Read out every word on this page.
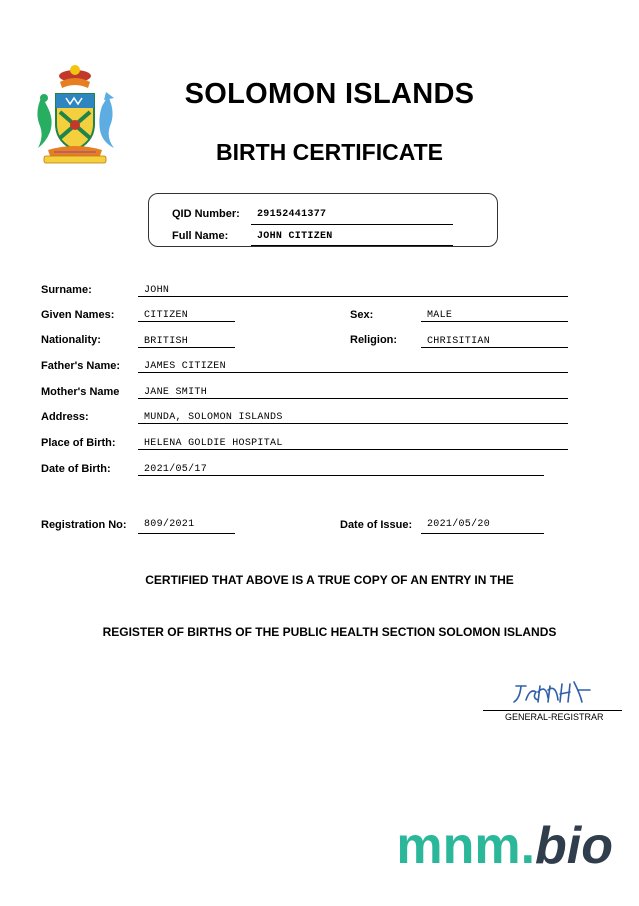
SOLOMON ISLANDS
BIRTH CERTIFICATE
QID Number: 29152441377
Full Name:	JOHN CITIZEN
Surname:	JOHN
Given Names:	CITIZEN	Sex:	MALE
Nationality:	BRITISH	Religion:	CHRISITIAN
Father's Name: JAMES CITIZEN
Mother's Name JANE SMITH
Address:	MUNDA, SOLOMON ISLANDS
Place of Birth:	HELENA GOLDIE HOSPITAL
Date of Birth:	2021/05/17
Registration No: 809/2021	Date of Issue: 2021/05/20
CERTIFIED THAT ABOVE IS A TRUE COPY OF AN ENTRY IN THE
REGISTER OF BIRTHS OF THE PUBLIC HEALTH SECTION SOLOMON ISLANDS
GENERAL-REGISTRAR
mnm.bio
